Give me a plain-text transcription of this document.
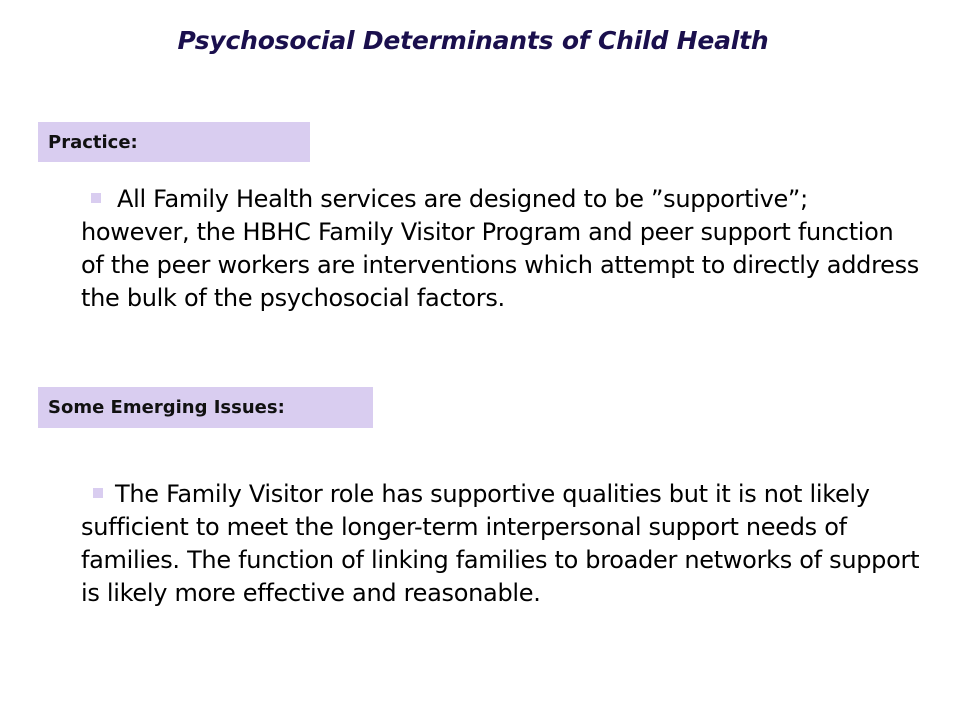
Psychosocial Determinants of Child Health
Practice:
All Family Health services are designed to be ”supportive”; however, the HBHC Family Visitor Program and peer support function of the peer workers are interventions which attempt to directly address the bulk of the psychosocial factors.
Some Emerging Issues:
The Family Visitor role has supportive qualities but it is not likely sufficient to meet the longer-term interpersonal support needs of families. The function of linking families to broader networks of support is likely more effective and reasonable.
